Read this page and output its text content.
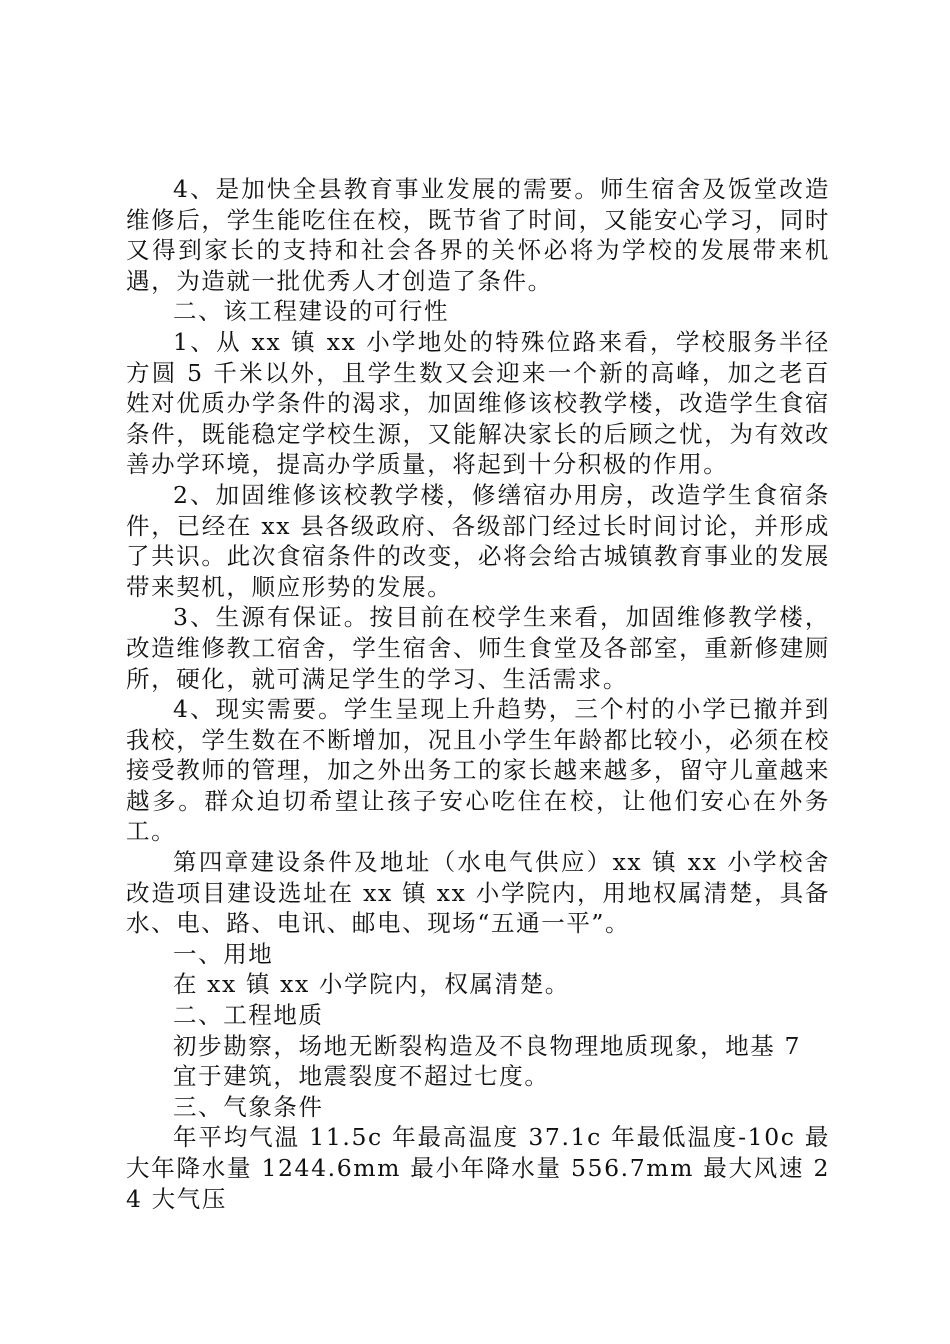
4、是加快全县教育事业发展的需要。师生宿舍及饭堂改造维修后，学生能吃住在校，既节省了时间，又能安心学习，同时又得到家长的支持和社会各界的关怀必将为学校的发展带来机遇，为造就一批优秀人才创造了条件。

二、该工程建设的可行性

1、从 xx 镇 xx 小学地处的特殊位路来看，学校服务半径方圆 5 千米以外，且学生数又会迎来一个新的高峰，加之老百姓对优质办学条件的渴求，加固维修该校教学楼，改造学生食宿条件，既能稳定学校生源，又能解决家长的后顾之忧，为有效改善办学环境，提高办学质量，将起到十分积极的作用。

2、加固维修该校教学楼，修缮宿办用房，改造学生食宿条件，已经在 xx 县各级政府、各级部门经过长时间讨论，并形成了共识。此次食宿条件的改变，必将会给古城镇教育事业的发展带来契机，顺应形势的发展。

3、生源有保证。按目前在校学生来看，加固维修教学楼，改造维修教工宿舍，学生宿舍、师生食堂及各部室，重新修建厕所，硬化，就可满足学生的学习、生活需求。

4、现实需要。学生呈现上升趋势，三个村的小学已撤并到我校，学生数在不断增加，况且小学生年龄都比较小，必须在校接受教师的管理，加之外出务工的家长越来越多，留守儿童越来越多。群众迫切希望让孩子安心吃住在校，让他们安心在外务工。

第四章建设条件及地址（水电气供应）xx 镇 xx 小学校舍改造项目建设选址在 xx 镇 xx 小学院内，用地权属清楚，具备水、电、路、电讯、邮电、现场“五通一平”。

一、用地

在 xx 镇 xx 小学院内，权属清楚。

二、工程地质

初步勘察，场地无断裂构造及不良物理地质现象，地基 7

宜于建筑，地震裂度不超过七度。

三、气象条件

年平均气温 11.5c 年最高温度 37.1c 年最低温度-10c 最大年降水量 1244.6mm 最小年降水量 556.7mm 最大风速 24 大气压
